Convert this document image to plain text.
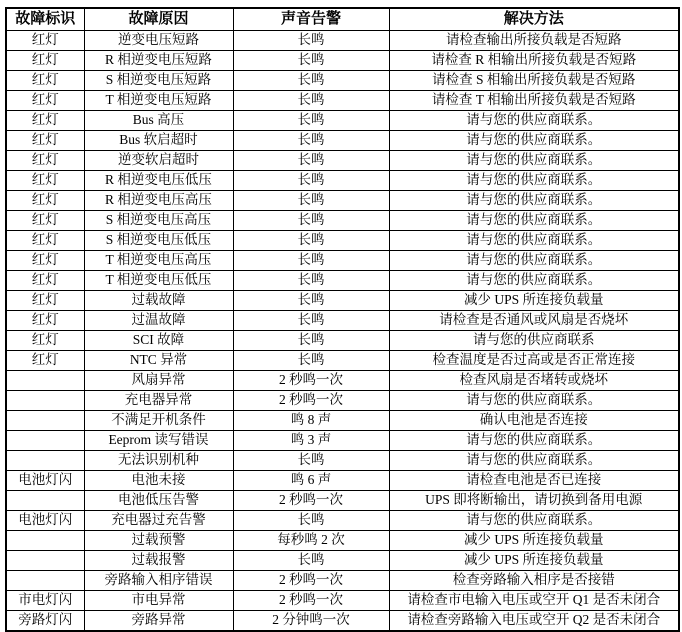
故障标识	故障原因	声音告警	解决方法
红灯	逆变电压短路	长鸣	请检查输出所接负载是否短路
红灯	R 相逆变电压短路	长鸣	请检查 R 相输出所接负载是否短路
红灯	S 相逆变电压短路	长鸣	请检查 S 相输出所接负载是否短路
红灯	T 相逆变电压短路	长鸣	请检查 T 相输出所接负载是否短路
红灯	Bus 高压	长鸣	请与您的供应商联系。
红灯	Bus 软启超时	长鸣	请与您的供应商联系。
红灯	逆变软启超时	长鸣	请与您的供应商联系。
红灯	R 相逆变电压低压	长鸣	请与您的供应商联系。
红灯	R 相逆变电压高压	长鸣	请与您的供应商联系。
红灯	S 相逆变电压高压	长鸣	请与您的供应商联系。
红灯	S 相逆变电压低压	长鸣	请与您的供应商联系。
红灯	T 相逆变电压高压	长鸣	请与您的供应商联系。
红灯	T 相逆变电压低压	长鸣	请与您的供应商联系。
红灯	过载故障	长鸣	减少 UPS 所连接负载量
红灯	过温故障	长鸣	请检查是否通风或风扇是否烧坏
红灯	SCI 故障	长鸣	请与您的供应商联系
红灯	NTC 异常	长鸣	检查温度是否过高或是否正常连接
	风扇异常	2 秒鸣一次	检查风扇是否堵转或烧坏
	充电器异常	2 秒鸣一次	请与您的供应商联系。
	不满足开机条件	鸣 8 声	确认电池是否连接
	Eeprom 读写错误	鸣 3 声	请与您的供应商联系。
	无法识别机种	长鸣	请与您的供应商联系。
电池灯闪	电池未接	鸣 6 声	请检查电池是否已连接
	电池低压告警	2 秒鸣一次	UPS 即将断输出，请切换到备用电源
电池灯闪	充电器过充告警	长鸣	请与您的供应商联系。
	过载预警	每秒鸣 2 次	减少 UPS 所连接负载量
	过载报警	长鸣	减少 UPS 所连接负载量
	旁路输入相序错误	2 秒鸣一次	检查旁路输入相序是否接错
市电灯闪	市电异常	2 秒鸣一次	请检查市电输入电压或空开 Q1 是否未闭合
旁路灯闪	旁路异常	2 分钟鸣一次	请检查旁路输入电压或空开 Q2 是否未闭合
